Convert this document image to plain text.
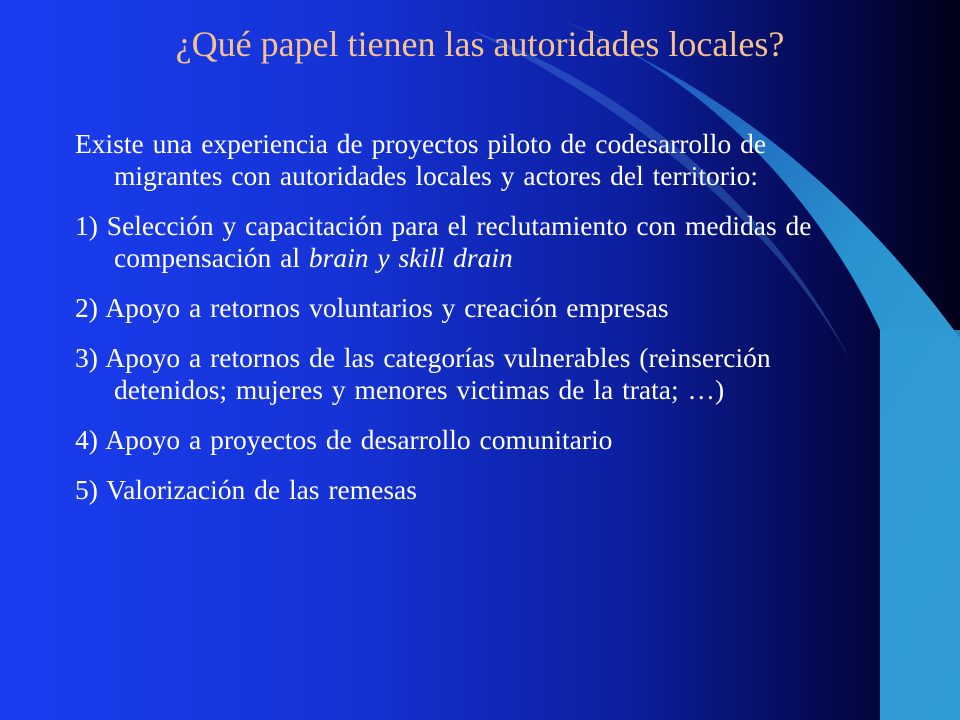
¿Qué papel tienen las autoridades locales?

Existe una experiencia de proyectos piloto de codesarrollo de migrantes con autoridades locales y actores del territorio:

1) Selección y capacitación para el reclutamiento con medidas de compensación al brain y skill drain

2) Apoyo a retornos voluntarios y creación empresas

3) Apoyo a retornos de las categorías vulnerables (reinserción detenidos; mujeres y menores victimas de la trata; …)

4) Apoyo a proyectos de desarrollo comunitario

5) Valorización de las remesas
